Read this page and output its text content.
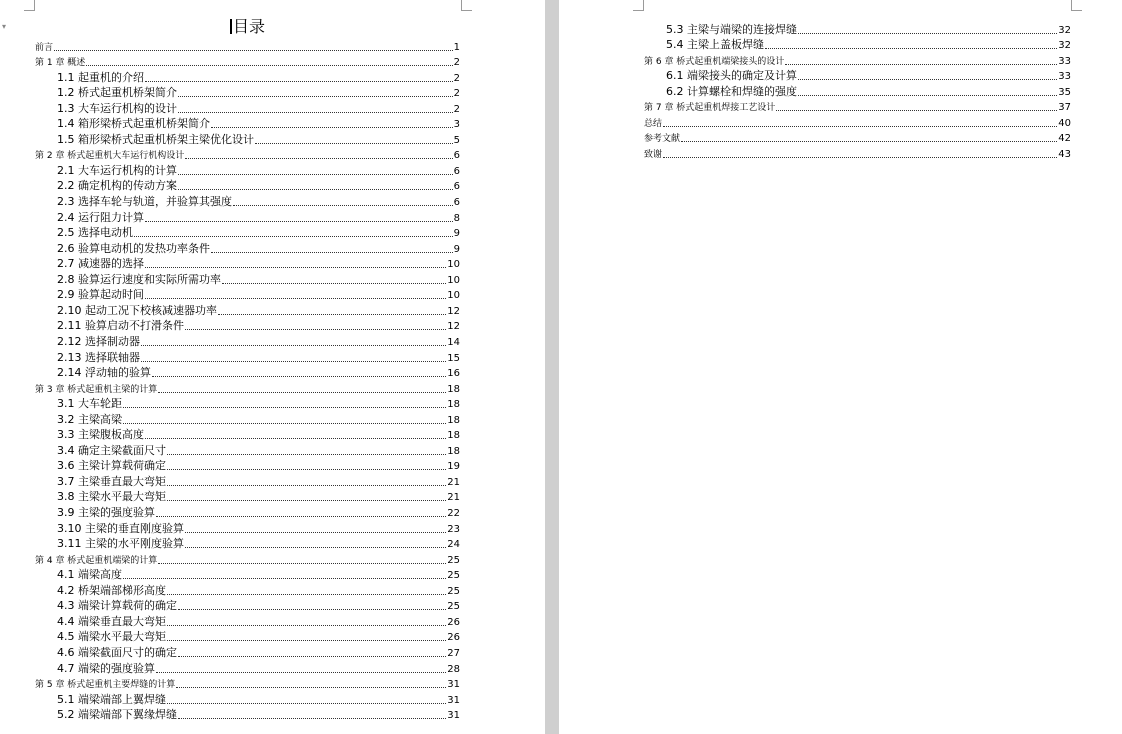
▾	目录
前言	1
第 1 章 概述	2
1.1 起重机的介绍	2
1.2 桥式起重机桥架简介	2
1.3 大车运行机构的设计	2
1.4 箱形梁桥式起重机桥架简介	3
1.5 箱形梁桥式起重机桥架主梁优化设计	5
第 2 章 桥式起重机大车运行机构设计	6
2.1 大车运行机构的计算	6
2.2 确定机构的传动方案	6
2.3 选择车轮与轨道，并验算其强度	6
2.4 运行阻力计算	8
2.5 选择电动机	9
2.6 验算电动机的发热功率条件	9
2.7 减速器的选择	10
2.8 验算运行速度和实际所需功率	10
2.9 验算起动时间	10
2.10 起动工况下校核减速器功率	12
2.11 验算启动不打滑条件	12
2.12 选择制动器	14
2.13 选择联轴器	15
2.14 浮动轴的验算	16
第 3 章 桥式起重机主梁的计算	18
3.1 大车轮距	18
3.2 主梁高梁	18
3.3 主梁腹板高度	18
3.4 确定主梁截面尺寸	18
3.6 主梁计算载荷确定	19
3.7 主梁垂直最大弯矩	21
3.8 主梁水平最大弯矩	21
3.9 主梁的强度验算	22
3.10 主梁的垂直刚度验算	23
3.11 主梁的水平刚度验算	24
第 4 章 桥式起重机端梁的计算	25
4.1 端梁高度	25
4.2 桥架端部梯形高度	25
4.3 端梁计算载荷的确定	25
4.4 端梁垂直最大弯矩	26
4.5 端梁水平最大弯矩	26
4.6 端梁截面尺寸的确定	27
4.7 端梁的强度验算	28
第 5 章 桥式起重机主要焊缝的计算	31
5.1 端梁端部上翼焊缝	31
5.2 端梁端部下翼缘焊缝	31
5.3 主梁与端梁的连接焊缝	32
5.4 主梁上盖板焊缝	32
第 6 章 桥式起重机端梁接头的设计	33
6.1 端梁接头的确定及计算	33
6.2 计算螺栓和焊缝的强度	35
第 7 章 桥式起重机焊接工艺设计	37
总结	40
参考文献	42
致谢	43
